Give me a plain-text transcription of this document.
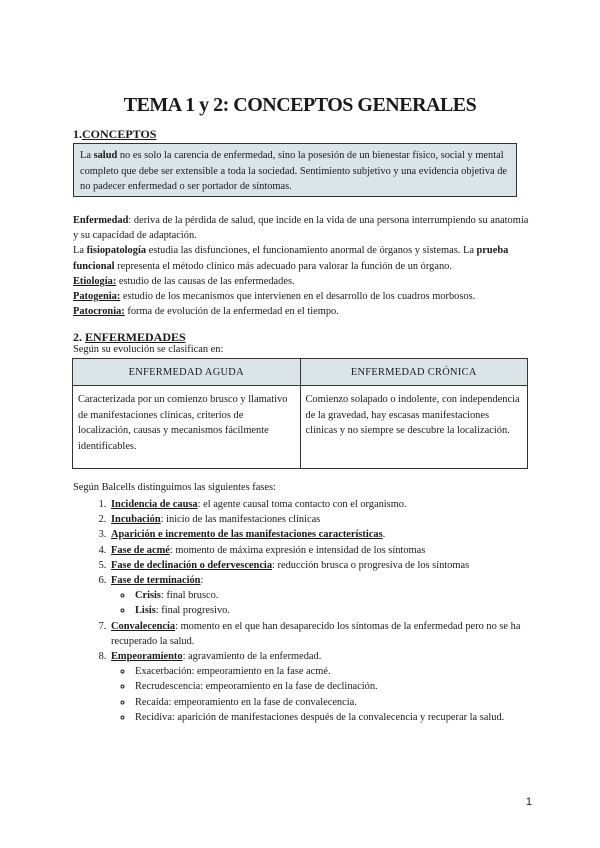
TEMA 1 y 2: CONCEPTOS GENERALES
1.CONCEPTOS
La salud no es solo la carencia de enfermedad, sino la posesión de un bienestar físico, social y mental completo que debe ser extensible a toda la sociedad. Sentimiento subjetivo y una evidencia objetiva de no padecer enfermedad o ser portador de síntomas.

Enfermedad: deriva de la pérdida de salud, que incide en la vida de una persona interrumpiendo su anatomía y su capacidad de adaptación.

La fisiopatología estudia las disfunciones, el funcionamiento anormal de órganos y sistemas. La prueba funcional representa el método clínico más adecuado para valorar la función de un órgano.

Etiología: estudio de las causas de las enfermedades.

Patogenia: estudio de los mecanismos que intervienen en el desarrollo de los cuadros morbosos.

Patocronia: forma de evolución de la enfermedad en el tiempo.

2. ENFERMEDADES
Según su evolución se clasifican en:
ENFERMEDAD AGUDA	ENFERMEDAD CRÓNICA
Caracterizada por un comienzo brusco y llamativo de manifestaciones clínicas, criterios de localización, causas y mecanismos fácilmente identificables.	Comienzo solapado o indolente, con independencia de la gravedad, hay escasas manifestaciones clínicas y no siempre se descubre la localización.
Según Balcells distinguimos las siguientes fases:
1. Incidencia de causa: el agente causal toma contacto con el organismo.
2. Incubación: inicio de las manifestaciones clínicas
3. Aparición e incremento de las manifestaciones características.
4. Fase de acmé: momento de máxima expresión e intensidad de los síntomas
5. Fase de declinación o defervescencia: reducción brusca o progresiva de los síntomas
6. Fase de terminación:
◦ Crisis: final brusco.
◦ Lisis: final progresivo.
7. Convalecencia: momento en el que han desaparecido los síntomas de la enfermedad pero no se ha recuperado la salud.
8. Empeoramiento: agravamiento de la enfermedad.
◦ Exacerbación: empeoramiento en la fase acmé.
◦ Recrudescencia: empeoramiento en la fase de declinación.
◦ Recaída: empeoramiento en la fase de convalecencia.
◦ Recidiva: aparición de manifestaciones después de la convalecencia y recuperar la salud.
1
